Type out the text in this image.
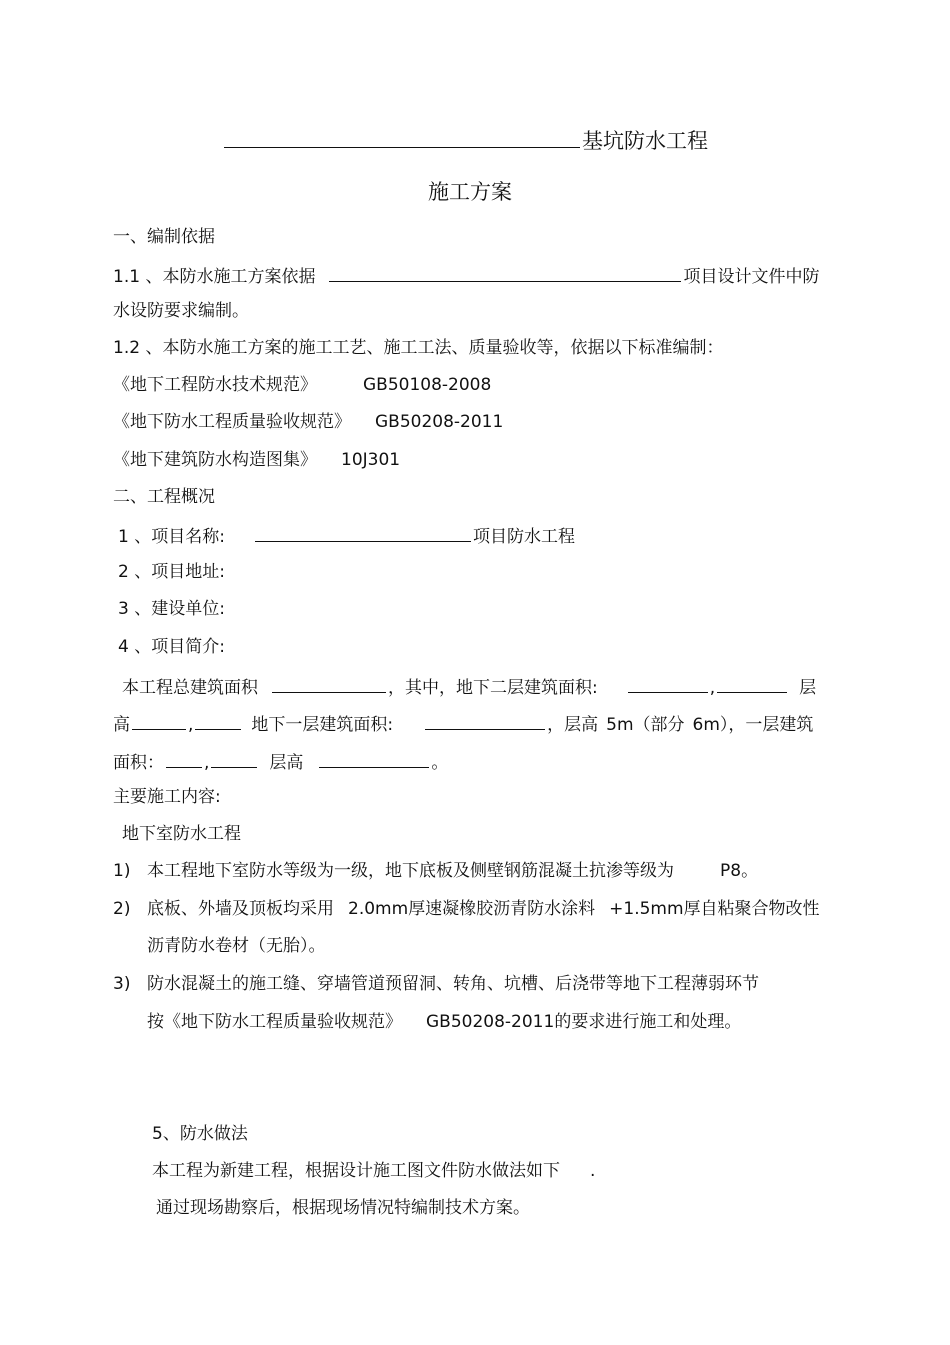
基坑防水工程
施工方案
一、编制依据
1.1 、本防水施工方案依据	项目设计文件中防
水设防要求编制。
1.2 、本防水施工方案的施工工艺、施工工法、质量验收等，依据以下标准编制：
《地下工程防水技术规范》	GB50108-2008
《地下防水工程质量验收规范》 GB50208-2011
《地下建筑防水构造图集》 10J301
二、工程概况
1 、项目名称:	项目防水工程
2 、项目地址:
3 、建设单位:
4 、项目简介:
本工程总建筑面积	，其中，地下二层建筑面积:	,	层
高	,	地下一层建筑面积:	，层高 5m（部分 6m），一层建筑
面积： ,	层高	。
主要施工内容:
地下室防水工程
1) 本工程地下室防水等级为一级，地下底板及侧壁钢筋混凝土抗渗等级为	P8。
2) 底板、外墙及顶板均采用 2.0mm厚速凝橡胶沥青防水涂料 +1.5mm厚自粘聚合物改性
沥青防水卷材（无胎）。
3) 防水混凝土的施工缝、穿墙管道预留洞、转角、坑槽、后浇带等地下工程薄弱环节
按《地下防水工程质量验收规范》 GB50208-2011的要求进行施工和处理。
5、防水做法
本工程为新建工程，根据设计施工图文件防水做法如下 .
通过现场勘察后，根据现场情况特编制技术方案。
